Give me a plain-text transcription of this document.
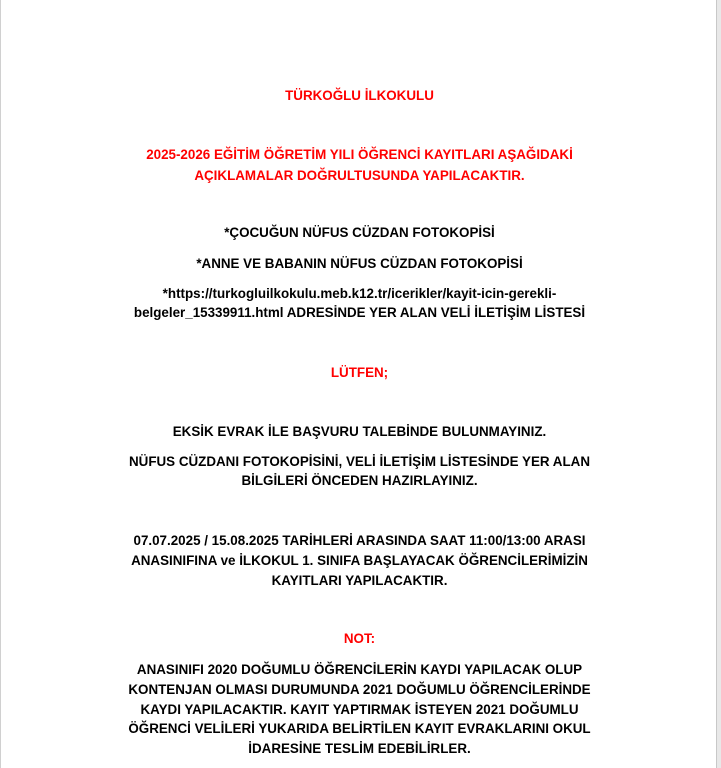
TÜRKOĞLU İLKOKULU
2025-2026 EĞİTİM ÖĞRETİM YILI ÖĞRENCİ KAYITLARI AŞAĞIDAKİ
AÇIKLAMALAR DOĞRULTUSUNDA YAPILACAKTIR.
*ÇOCUĞUN NÜFUS CÜZDAN FOTOKOPİSİ
*ANNE VE BABANIN NÜFUS CÜZDAN FOTOKOPİSİ
*https://turkogluilkokulu.meb.k12.tr/icerikler/kayit-icin-gerekli-
belgeler_15339911.html ADRESİNDE YER ALAN VELİ İLETİŞİM LİSTESİ
LÜTFEN;
EKSİK EVRAK İLE BAŞVURU TALEBİNDE BULUNMAYINIZ.
NÜFUS CÜZDANI FOTOKOPİSİNİ, VELİ İLETİŞİM LİSTESİNDE YER ALAN
BİLGİLERİ ÖNCEDEN HAZIRLAYINIZ.
07.07.2025 / 15.08.2025 TARİHLERİ ARASINDA SAAT 11:00/13:00 ARASI
ANASINIFINA ve İLKOKUL 1. SINIFA BAŞLAYACAK ÖĞRENCİLERİMİZİN
KAYITLARI YAPILACAKTIR.
NOT:
ANASINIFI 2020 DOĞUMLU ÖĞRENCİLERİN KAYDI YAPILACAK OLUP
KONTENJAN OLMASI DURUMUNDA 2021 DOĞUMLU ÖĞRENCİLERİNDE
KAYDI YAPILACAKTIR. KAYIT YAPTIRMAK İSTEYEN 2021 DOĞUMLU
ÖĞRENCİ VELİLERİ YUKARIDA BELİRTİLEN KAYIT EVRAKLARINI OKUL
İDARESİNE TESLİM EDEBİLİRLER.
